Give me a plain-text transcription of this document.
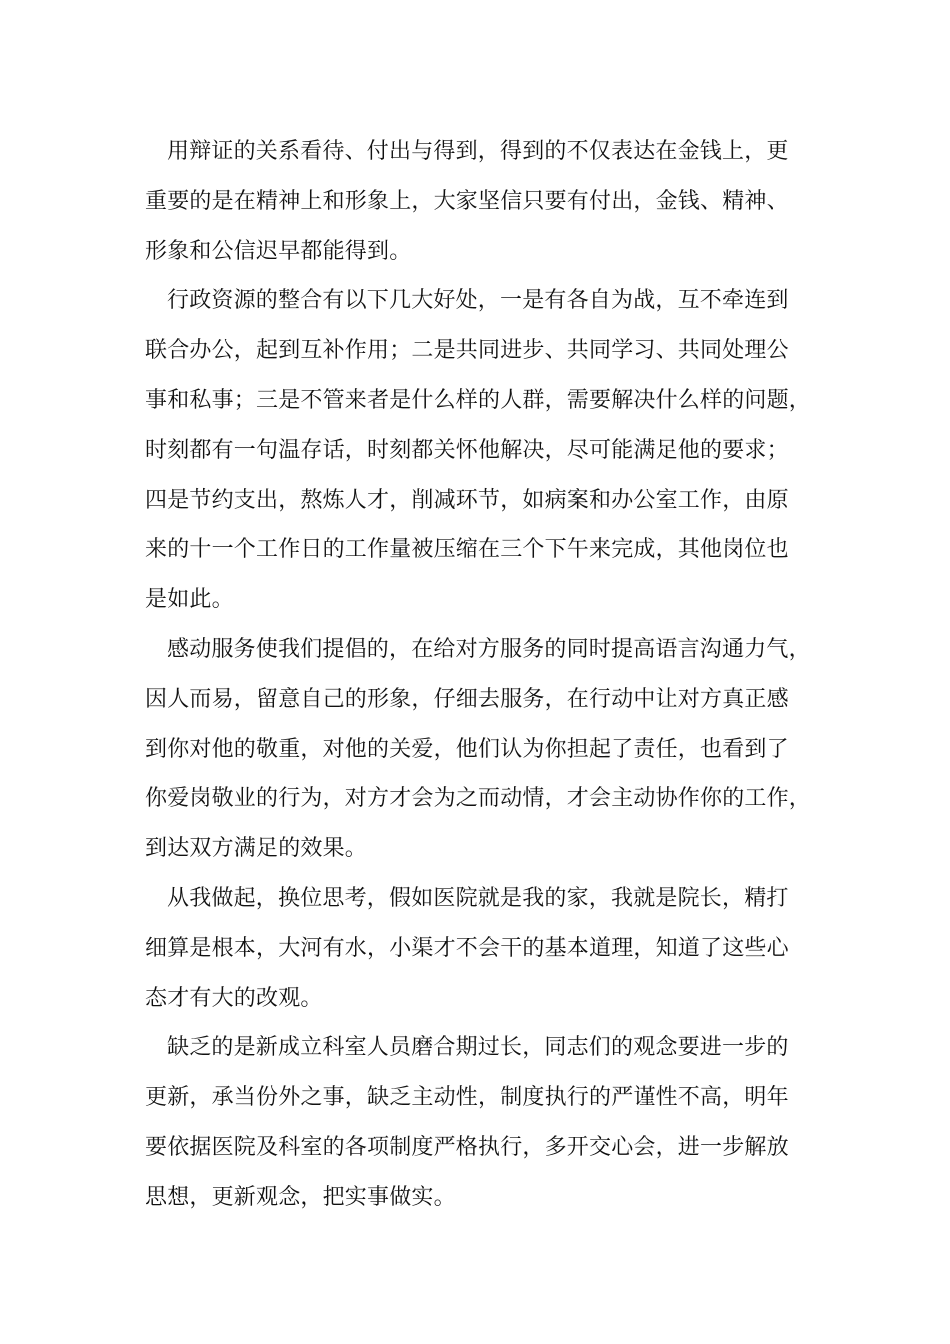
用辩证的关系看待、付出与得到，得到的不仅表达在金钱上，更
重要的是在精神上和形象上，大家坚信只要有付出，金钱、精神、
形象和公信迟早都能得到。

行政资源的整合有以下几大好处，一是有各自为战，互不牵连到
联合办公，起到互补作用；二是共同进步、共同学习、共同处理公
事和私事；三是不管来者是什么样的人群，需要解决什么样的问题，
时刻都有一句温存话，时刻都关怀他解决，尽可能满足他的要求；
四是节约支出，熬炼人才，削减环节，如病案和办公室工作，由原
来的十一个工作日的工作量被压缩在三个下午来完成，其他岗位也
是如此。

感动服务使我们提倡的，在给对方服务的同时提高语言沟通力气，
因人而易，留意自己的形象，仔细去服务，在行动中让对方真正感
到你对他的敬重，对他的关爱，他们认为你担起了责任，也看到了
你爱岗敬业的行为，对方才会为之而动情，才会主动协作你的工作，
到达双方满足的效果。

从我做起，换位思考，假如医院就是我的家，我就是院长，精打
细算是根本，大河有水，小渠才不会干的基本道理，知道了这些心
态才有大的改观。

缺乏的是新成立科室人员磨合期过长，同志们的观念要进一步的
更新，承当份外之事，缺乏主动性，制度执行的严谨性不高，明年
要依据医院及科室的各项制度严格执行，多开交心会，进一步解放
思想，更新观念，把实事做实。
